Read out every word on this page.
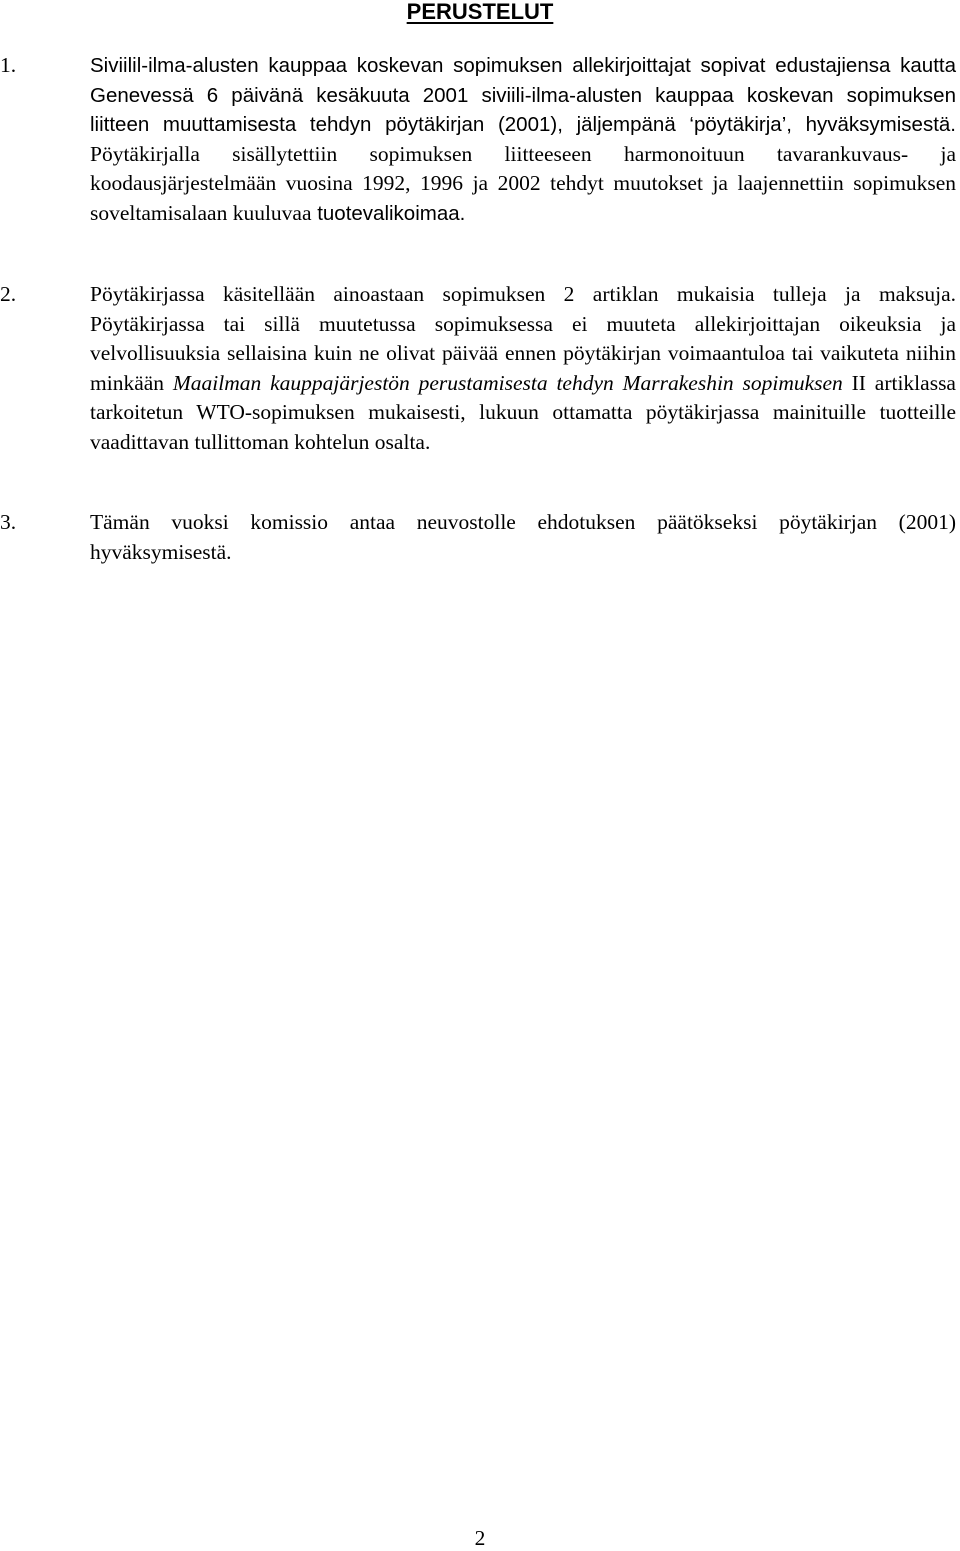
PERUSTELUT
1.	Siviilil-ilma-alusten kauppaa koskevan sopimuksen allekirjoittajat sopivat edustajiensa kautta Genevessä 6 päivänä kesäkuuta 2001 siviili-ilma-alusten kauppaa koskevan sopimuksen liitteen muuttamisesta tehdyn pöytäkirjan (2001), jäljempänä ‘pöytäkirja’, hyväksymisestä. Pöytäkirjalla sisällytettiin sopimuksen liitteeseen harmonoituun tavarankuvaus- ja koodausjärjestelmään vuosina 1992, 1996 ja 2002 tehdyt muutokset ja laajennettiin sopimuksen soveltamisalaan kuuluvaa tuotevalikoimaa.
2.	Pöytäkirjassa käsitellään ainoastaan sopimuksen 2 artiklan mukaisia tulleja ja maksuja. Pöytäkirjassa tai sillä muutetussa sopimuksessa ei muuteta allekirjoittajan oikeuksia ja velvollisuuksia sellaisina kuin ne olivat päivää ennen pöytäkirjan voimaantuloa tai vaikuteta niihin minkään Maailman kauppajärjestön perustamisesta tehdyn Marrakeshin sopimuksen II artiklassa tarkoitetun WTO-sopimuksen mukaisesti, lukuun ottamatta pöytäkirjassa mainituille tuotteille vaadittavan tullittoman kohtelun osalta.
3.	Tämän vuoksi komissio antaa neuvostolle ehdotuksen päätökseksi pöytäkirjan (2001) hyväksymisestä.
2
